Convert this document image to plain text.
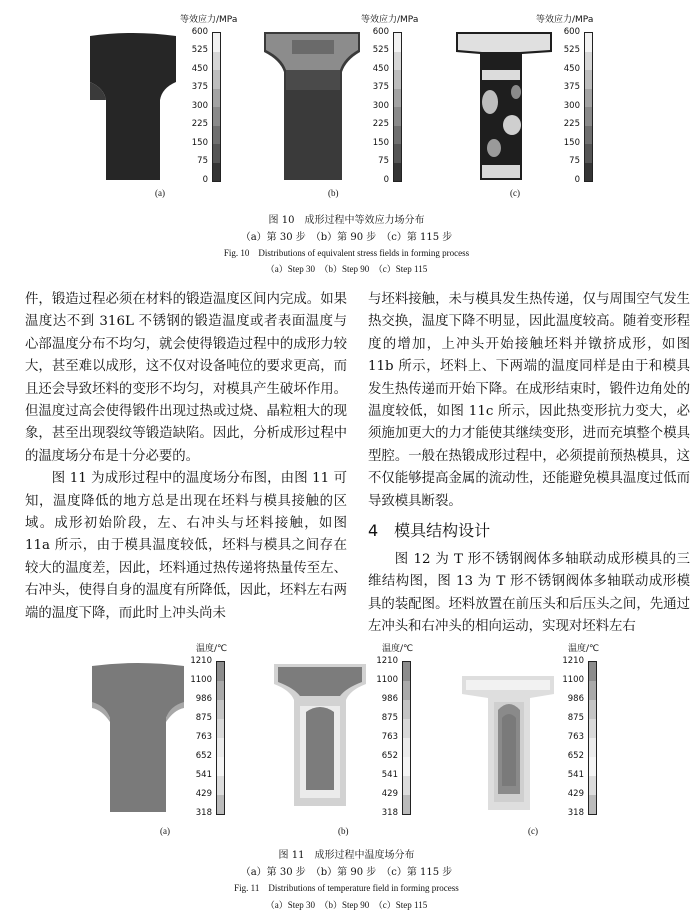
(a)
等效应力/MPa
600
525
450
375
300
225
150
75
0
(b)
等效应力/MPa
600
525
450
375
300
225
150
75
0
(c)
等效应力/MPa
600
525
450
375
300
225
150
75
0
图 10　成形过程中等效应力场分布
（a）第 30 步　（b）第 90 步　（c）第 115 步
Fig. 10　Distributions of equivalent stress fields in forming process
（a）Step 30　（b）Step 90　（c）Step 115

件，锻造过程必须在材料的锻造温度区间内完成。如果温度达不到 316L 不锈钢的锻造温度或者表面温度与心部温度分布不均匀，就会使得锻造过程中的成形力较大，甚至难以成形，这不仅对设备吨位的要求更高，而且还会导致坯料的变形不均匀，对模具产生破坏作用。但温度过高会使得锻件出现过热或过烧、晶粒粗大的现象，甚至出现裂纹等锻造缺陷。因此，分析成形过程中的温度场分布是十分必要的。

图 11 为成形过程中的温度场分布图，由图 11 可知，温度降低的地方总是出现在坯料与模具接触的区域。成形初始阶段，左、右冲头与坯料接触，如图 11a 所示，由于模具温度较低，坯料与模具之间存在较大的温度差，因此，坯料通过热传递将热量传至左、右冲头，使得自身的温度有所降低，因此，坯料左右两端的温度下降，而此时上冲头尚未

与坯料接触，未与模具发生热传递，仅与周围空气发生热交换，温度下降不明显，因此温度较高。随着变形程度的增加，上冲头开始接触坯料并镦挤成形，如图 11b 所示，坯料上、下两端的温度同样是由于和模具发生热传递而开始下降。在成形结束时，锻件边角处的温度较低，如图 11c 所示，因此热变形抗力变大，必须施加更大的力才能使其继续变形，进而充填整个模具型腔。一般在热锻成形过程中，必须提前预热模具，这不仅能够提高金属的流动性，还能避免模具温度过低而导致模具断裂。

4　模具结构设计

图 12 为 T 形不锈钢阀体多轴联动成形模具的三维结构图，图 13 为 T 形不锈钢阀体多轴联动成形模具的装配图。坯料放置在前压头和后压头之间，先通过左冲头和右冲头的相向运动，实现对坯料左右

(a)
温度/℃
1210
1100
986
875
763
652
541
429
318
(b)
温度/℃
1210
1100
986
875
763
652
541
429
318
(c)
温度/℃
1210
1100
986
875
763
652
541
429
318
图 11　成形过程中温度场分布
（a）第 30 步　（b）第 90 步　（c）第 115 步
Fig. 11　Distributions of temperature field in forming process
（a）Step 30　（b）Step 90　（c）Step 115
